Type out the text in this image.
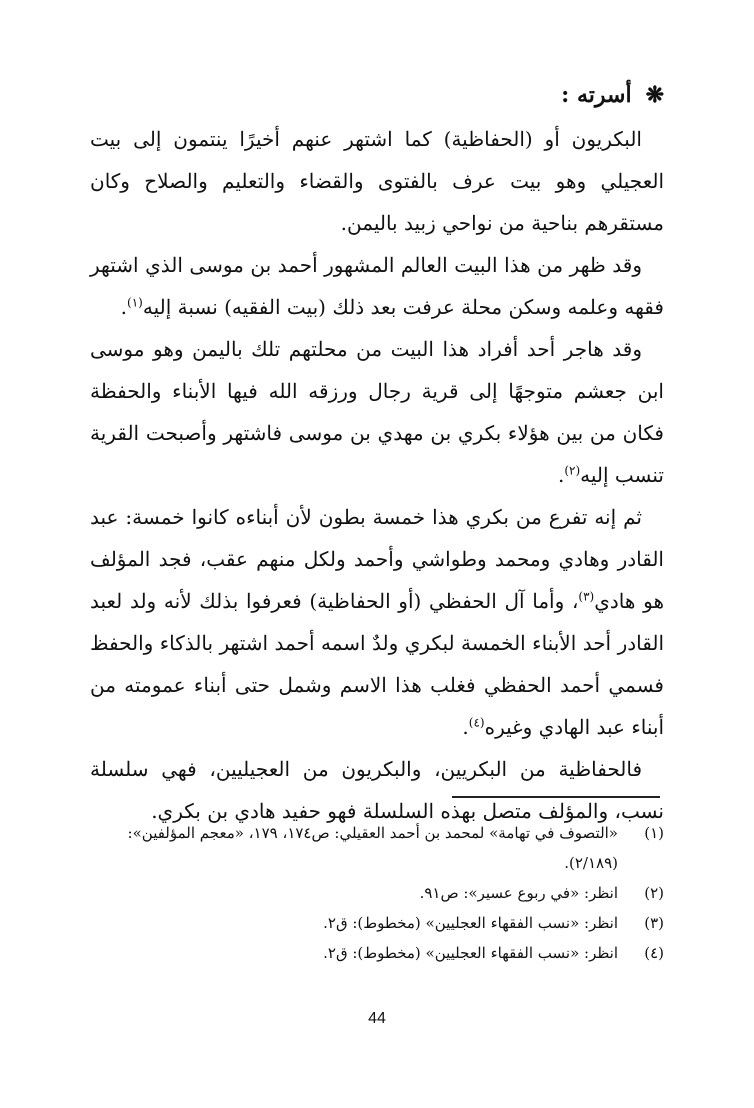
❋أسرته :

البكريون أو (الحفاظية) كما اشتهر عنهم أخيرًا ينتمون إلى بيت العجيلي وهو بيت عرف بالفتوى والقضاء والتعليم والصلاح وكان مستقرهم بناحية من نواحي زبيد باليمن.

وقد ظهر من هذا البيت العالم المشهور أحمد بن موسى الذي اشتهر فقهه وعلمه وسكن محلة عرفت بعد ذلك (بيت الفقيه) نسبة إليه$^{(١)}$.

وقد هاجر أحد أفراد هذا البيت من محلتهم تلك باليمن وهو موسى ابن جعشم متوجهًا إلى قرية رجال ورزقه الله فيها الأبناء والحفظة فكان من بين هؤلاء بكري بن مهدي بن موسى فاشتهر وأصبحت القرية تنسب إليه$^{(٢)}$.

ثم إنه تفرع من بكري هذا خمسة بطون لأن أبناءه كانوا خمسة: عبد القادر وهادي ومحمد وطواشي وأحمد ولكل منهم عقب، فجد المؤلف هو هادي$^{(٣)}$، وأما آل الحفظي (أو الحفاظية) فعرفوا بذلك لأنه ولد لعبد القادر أحد الأبناء الخمسة لبكري ولدٌ اسمه أحمد اشتهر بالذكاء والحفظ فسمي أحمد الحفظي فغلب هذا الاسم وشمل حتى أبناء عمومته من أبناء عبد الهادي وغيره$^{(٤)}$.

فالحفاظية من البكريين، والبكريون من العجيليين، فهي سلسلة نسب، والمؤلف متصل بهذه السلسلة فهو حفيد هادي بن بكري.

(١)
«التصوف في تهامة» لمحمد بن أحمد العقيلي: ص١٧٤، ١٧٩، «معجم المؤلفين»: (٢/١٨٩).
(٢)
انظر: «في ربوع عسير»: ص٩١.
(٣)
انظر: «نسب الفقهاء العجليين» (مخطوط): ق٢.
(٤)
انظر: «نسب الفقهاء العجليين» (مخطوط): ق٢.
44
